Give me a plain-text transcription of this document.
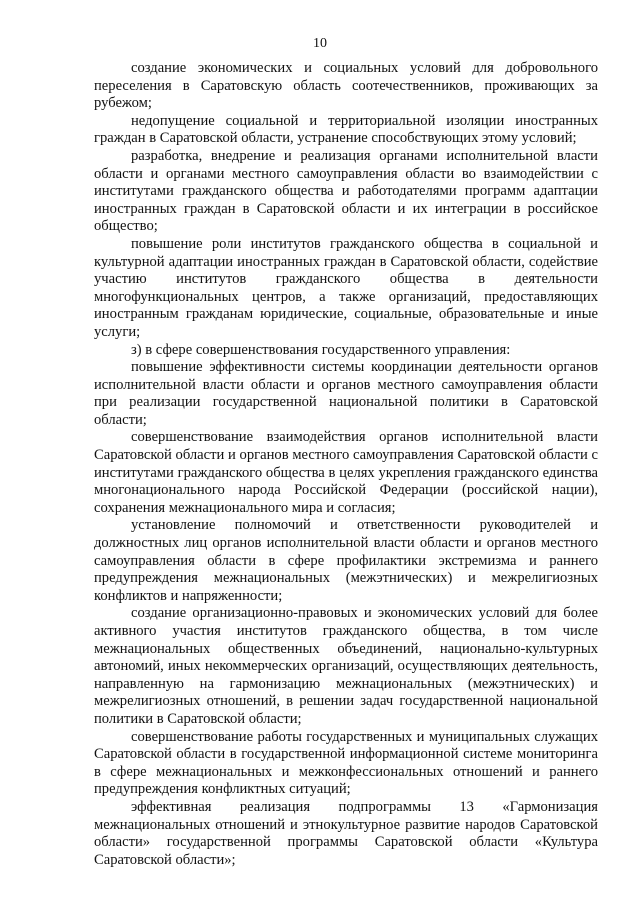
10

создание экономических и социальных условий для добровольного переселения в Саратовскую область соотечественников, проживающих за рубежом;

недопущение социальной и территориальной изоляции иностранных граждан в Саратовской области, устранение способствующих этому условий;

разработка, внедрение и реализация органами исполнительной власти области и органами местного самоуправления области во взаимодействии с институтами гражданского общества и работодателями программ адаптации иностранных граждан в Саратовской области и их интеграции в российское общество;

повышение роли институтов гражданского общества в социальной и культурной адаптации иностранных граждан в Саратовской области, содействие участию институтов гражданского общества в деятельности многофункциональных центров, а также организаций, предоставляющих иностранным гражданам юридические, социальные, образовательные и иные услуги;

з) в сфере совершенствования государственного управления:

повышение эффективности системы координации деятельности органов исполнительной власти области и органов местного самоуправления области при реализации государственной национальной политики в Саратовской области;

совершенствование взаимодействия органов исполнительной власти Саратовской области и органов местного самоуправления Саратовской области с институтами гражданского общества в целях укрепления гражданского единства многонационального народа Российской Федерации (российской нации), сохранения межнационального мира и согласия;

установление полномочий и ответственности руководителей и должностных лиц органов исполнительной власти области и органов местного самоуправления области в сфере профилактики экстремизма и раннего предупреждения межнациональных (межэтнических) и межрелигиозных конфликтов и напряженности;

создание организационно-правовых и экономических условий для более активного участия институтов гражданского общества, в том числе межнациональных общественных объединений, национально-культурных автономий, иных некоммерческих организаций, осуществляющих деятельность, направленную на гармонизацию межнациональных (межэтнических) и межрелигиозных отношений, в решении задач государственной национальной политики в Саратовской области;

совершенствование работы государственных и муниципальных служащих Саратовской области в государственной информационной системе мониторинга в сфере межнациональных и межконфессиональных отношений и раннего предупреждения конфликтных ситуаций;

эффективная реализация подпрограммы 13 «Гармонизация межнациональных отношений и этнокультурное развитие народов Саратовской области» государственной программы Саратовской области «Культура Саратовской области»;
